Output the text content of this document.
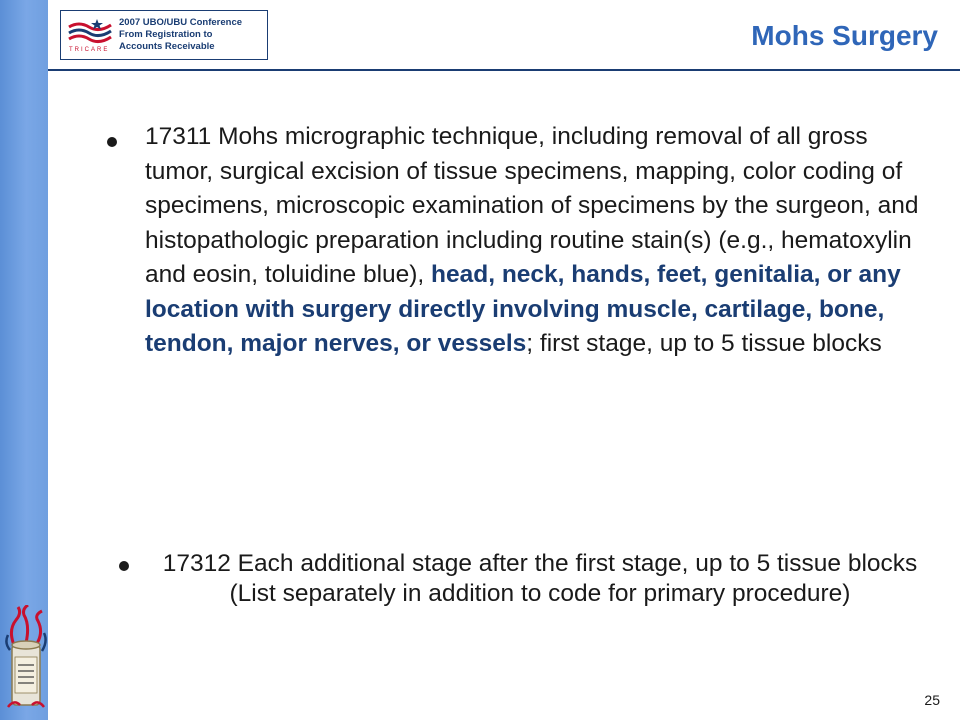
TRICARE
2007 UBO/UBU Conference
From Registration to
Accounts Receivable	Mohs Surgery
17311 Mohs micrographic technique, including removal of all gross tumor, surgical excision of tissue specimens, mapping, color coding of specimens, microscopic examination of specimens by the surgeon, and histopathologic preparation including routine stain(s) (e.g., hematoxylin and eosin, toluidine blue), head, neck, hands, feet, genitalia, or any location with surgery directly involving muscle, cartilage, bone, tendon, major nerves, or vessels; first stage, up to 5 tissue blocks
17312 Each additional stage after the first stage, up to 5 tissue blocks (List separately in addition to code for primary procedure)
25
